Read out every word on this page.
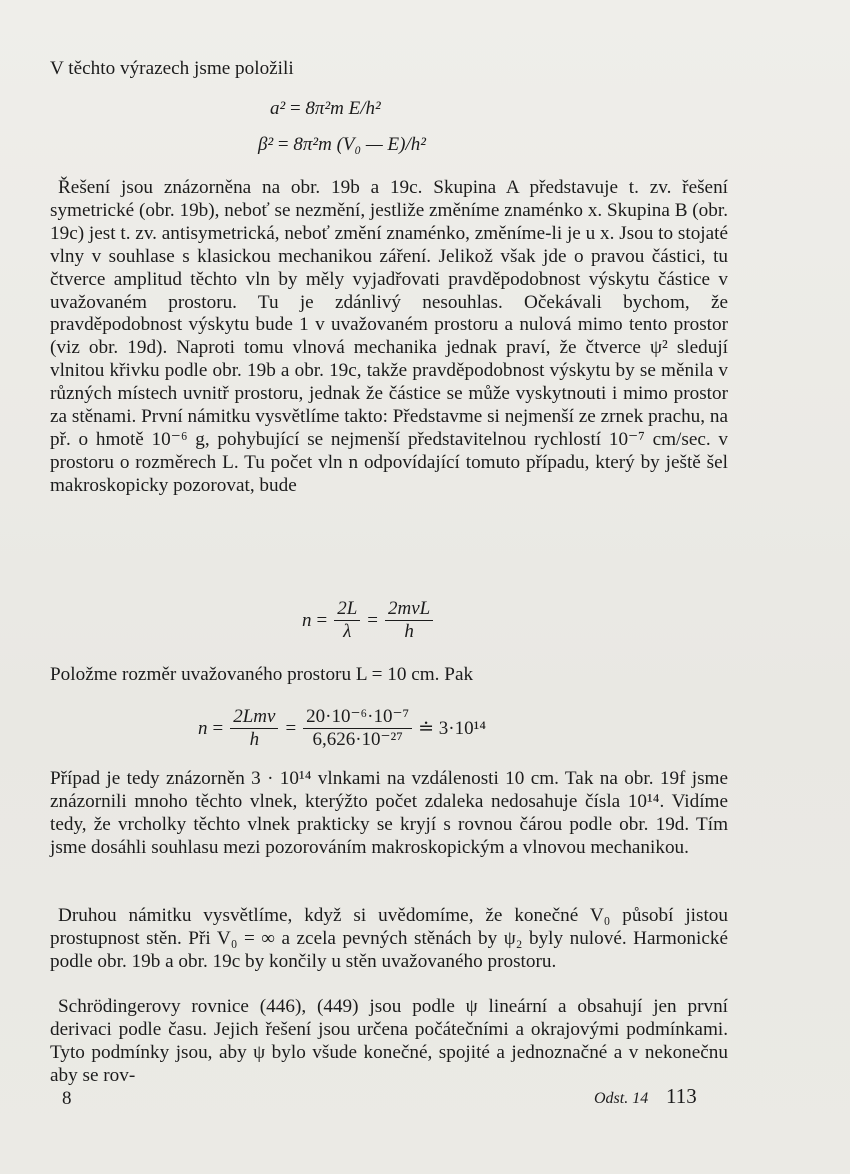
V těchto výrazech jsme položili

a² = 8π²m E/h²
β² = 8π²m (V₀ — E)/h²

Řešení jsou znázorněna na obr. 19b a 19c. Skupina A představuje t. zv. řešení symetrické (obr. 19b), neboť se nezmění, jestliže změníme znaménko x. Skupina B (obr. 19c) jest t. zv. antisymetrická, neboť změní znaménko, změníme-li je u x. Jsou to stojaté vlny v souhlase s klasickou mechanikou záření. Jelikož však jde o pravou částici, tu čtverce amplitud těchto vln by měly vyjadřovati pravděpodobnost výskytu částice v uvažovaném prostoru. Tu je zdánlivý nesouhlas. Očekávali bychom, že pravděpodobnost výskytu bude 1 v uvažovaném prostoru a nulová mimo tento prostor (viz obr. 19d). Naproti tomu vlnová mechanika jednak praví, že čtverce ψ² sledují vlnitou křivku podle obr. 19b a obr. 19c, takže pravděpodobnost výskytu by se měnila v různých místech uvnitř prostoru, jednak že částice se může vyskytnouti i mimo prostor za stěnami. První námitku vysvětlíme takto: Představme si nejmenší ze zrnek prachu, na př. o hmotě 10⁻⁶ g, pohybující se nejmenší představitelnou rychlostí 10⁻⁷ cm/sec. v prostoru o rozměrech L. Tu počet vln n odpovídající tomuto případu, který by ještě šel makroskopicky pozorovat, bude

$n = \frac{2L}{\lambda} = \frac{\text{2mvL}}{h}$

Položme rozměr uvažovaného prostoru L = 10 cm. Pak

$n = \frac{\text{2Lmv}}{h} = \frac{\text{20·10⁻⁶·10⁻⁷}}{\text{6,626·10⁻²⁷}}$ ≐ 3·10¹⁴

Případ je tedy znázorněn 3 · 10¹⁴ vlnkami na vzdálenosti 10 cm. Tak na obr. 19f jsme znázornili mnoho těchto vlnek, kterýžto počet zdaleka nedosahuje čísla 10¹⁴. Vidíme tedy, že vrcholky těchto vlnek prakticky se kryjí s rovnou čárou podle obr. 19d. Tím jsme dosáhli souhlasu mezi pozorováním makroskopickým a vlnovou mechanikou.

Druhou námitku vysvětlíme, když si uvědomíme, že konečné V₀ působí jistou prostupnost stěn. Při V₀ = ∞ a zcela pevných stěnách by ψ₂ byly nulové. Harmonické podle obr. 19b a obr. 19c by končily u stěn uvažovaného prostoru.

Schrödingerovy rovnice (446), (449) jsou podle ψ lineární a obsahují jen první derivaci podle času. Jejich řešení jsou určena počátečními a okrajovými podmínkami. Tyto podmínky jsou, aby ψ bylo všude konečné, spojité a jednoznačné a v nekonečnu aby se rov-

8	Odst. 14 113
